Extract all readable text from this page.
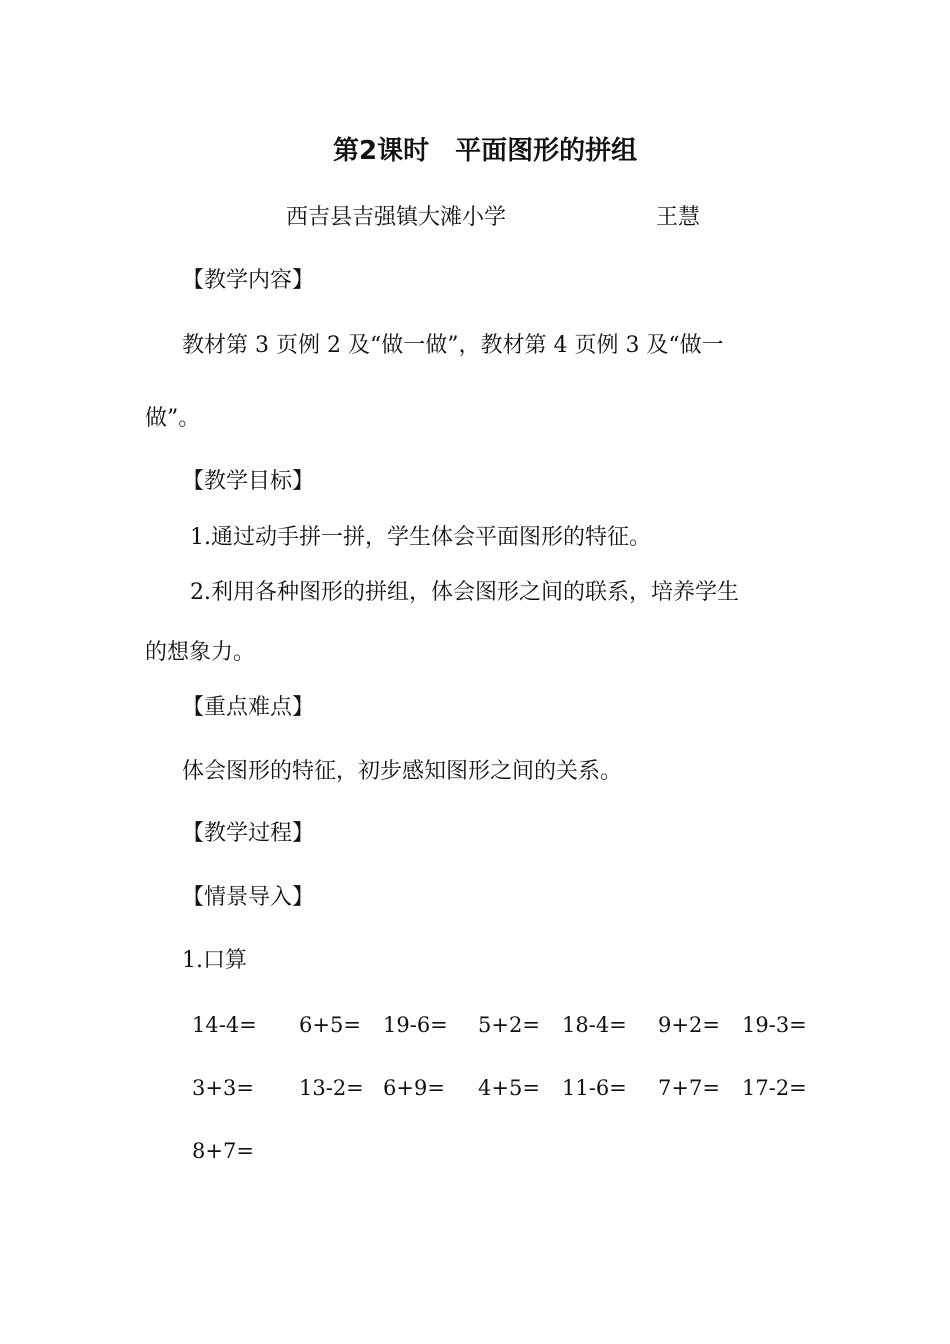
第2课时　平面图形的拼组
西吉县吉强镇大滩小学	王慧
【教学内容】
教材第 3 页例 2 及“做一做”，教材第 4 页例 3 及“做一
做”。
【教学目标】
1.通过动手拼一拼，学生体会平面图形的特征。
2.利用各种图形的拼组，体会图形之间的联系，培养学生
的想象力。
【重点难点】
体会图形的特征，初步感知图形之间的关系。
【教学过程】
【情景导入】
1.口算
14-4= 6+5= 19-6= 5+2= 18-4= 9+2= 19-3=
3+3= 13-2= 6+9= 4+5= 11-6= 7+7= 17-2=
8+7=
